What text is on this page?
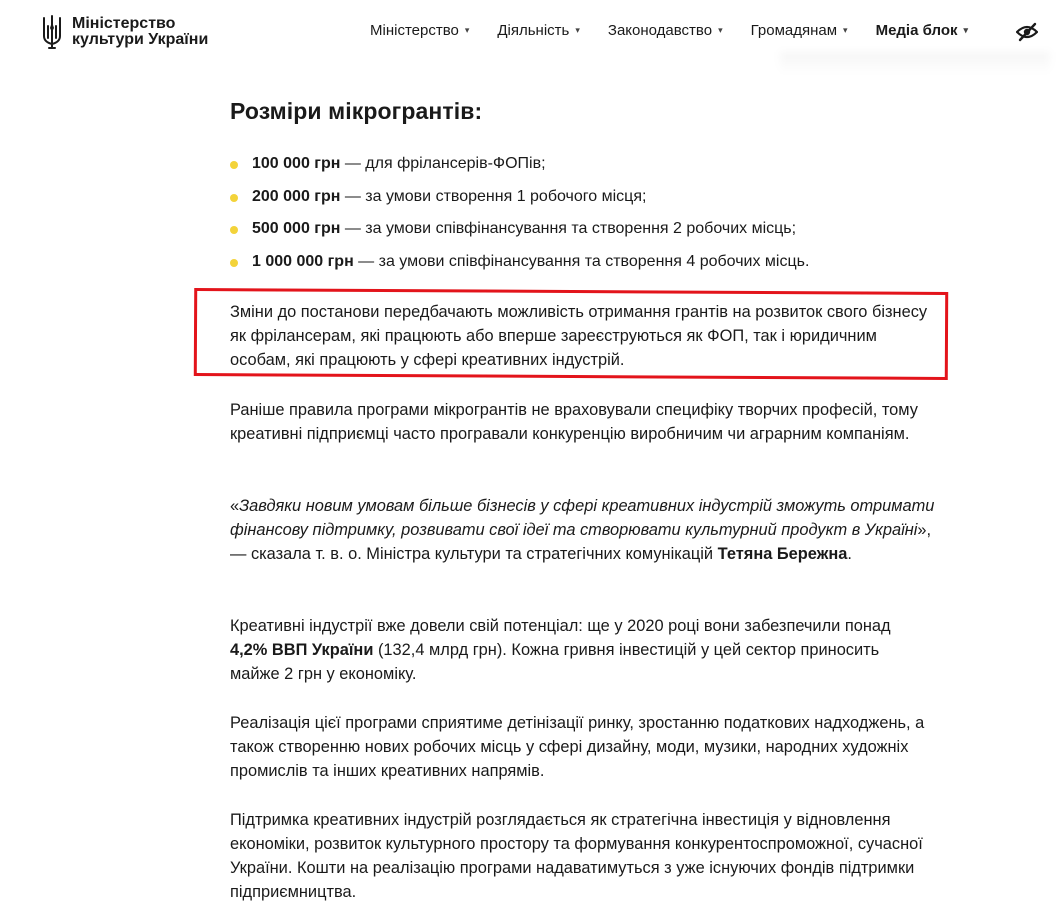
Міністерство
культури України
Міністерство ▾ Діяльність ▾ Законодавство ▾ Громадянам ▾ Медіа блок ▾
Розміри мікрогрантів:
100 000 грн — для фрілансерів-ФОПів;
200 000 грн — за умови створення 1 робочого місця;
500 000 грн — за умови співфінансування та створення 2 робочих місць;
1 000 000 грн — за умови співфінансування та створення 4 робочих місць.

Зміни до постанови передбачають можливість отримання грантів на розвиток свого бізнесу як фрілансерам, які працюють або вперше зареєструються як ФОП, так і юридичним особам, які працюють у сфері креативних індустрій.

Раніше правила програми мікрогрантів не враховували специфіку творчих професій, тому креативні підприємці часто програвали конкуренцію виробничим чи аграрним компаніям.

«Завдяки новим умовам більше бізнесів у сфері креативних індустрій зможуть отримати фінансову підтримку, розвивати свої ідеї та створювати культурний продукт в Україні», — сказала т. в. о. Міністра культури та стратегічних комунікацій Тетяна Бережна.

Креативні індустрії вже довели свій потенціал: ще у 2020 році вони забезпечили понад 4,2% ВВП України (132,4 млрд грн). Кожна гривня інвестицій у цей сектор приносить майже 2 грн у економіку.

Реалізація цієї програми сприятиме детінізації ринку, зростанню податкових надходжень, а також створенню нових робочих місць у сфері дизайну, моди, музики, народних художніх промислів та інших креативних напрямів.

Підтримка креативних індустрій розглядається як стратегічна інвестиція у відновлення економіки, розвиток культурного простору та формування конкурентоспроможної, сучасної України. Кошти на реалізацію програми надаватимуться з уже існуючих фондів підтримки підприємництва.
